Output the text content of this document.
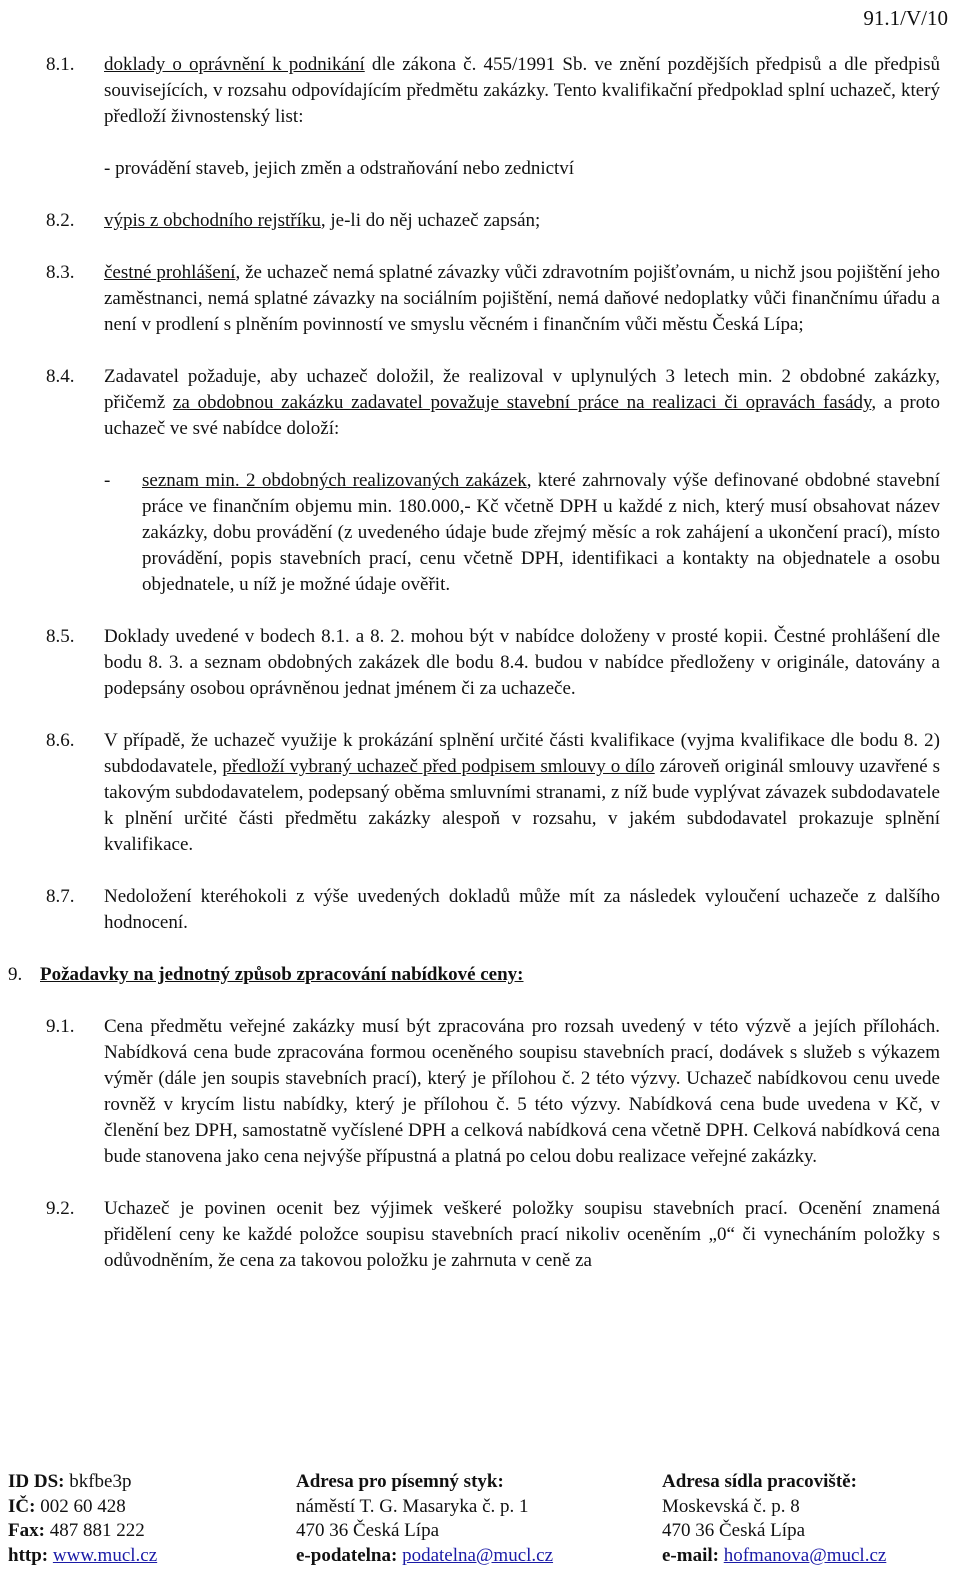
91.1/V/10
8.1. doklady o oprávnění k podnikání dle zákona č. 455/1991 Sb. ve znění pozdějších předpisů a dle předpisů souvisejících, v rozsahu odpovídajícím předmětu zakázky. Tento kvalifikační předpoklad splní uchazeč, který předloží živnostenský list:
- provádění staveb, jejich změn a odstraňování nebo zednictví
8.2. výpis z obchodního rejstříku, je-li do něj uchazeč zapsán;
8.3. čestné prohlášení, že uchazeč nemá splatné závazky vůči zdravotním pojišťovnám, u nichž jsou pojištění jeho zaměstnanci, nemá splatné závazky na sociálním pojištění, nemá daňové nedoplatky vůči finančnímu úřadu a není v prodlení s plněním povinností ve smyslu věcném i finančním vůči městu Česká Lípa;
8.4. Zadavatel požaduje, aby uchazeč doložil, že realizoval v uplynulých 3 letech min. 2 obdobné zakázky, přičemž za obdobnou zakázku zadavatel považuje stavební práce na realizaci či opravách fasády, a proto uchazeč ve své nabídce doloží:
- seznam min. 2 obdobných realizovaných zakázek, které zahrnovaly výše definované obdobné stavební práce ve finančním objemu min. 180.000,- Kč včetně DPH u každé z nich, který musí obsahovat název zakázky, dobu provádění (z uvedeného údaje bude zřejmý měsíc a rok zahájení a ukončení prací), místo provádění, popis stavebních prací, cenu včetně DPH, identifikaci a kontakty na objednatele a osobu objednatele, u níž je možné údaje ověřit.
8.5. Doklady uvedené v bodech 8.1. a 8. 2. mohou být v nabídce doloženy v prosté kopii. Čestné prohlášení dle bodu 8. 3. a seznam obdobných zakázek dle bodu 8.4. budou v nabídce předloženy v originále, datovány a podepsány osobou oprávněnou jednat jménem či za uchazeče.
8.6. V případě, že uchazeč využije k prokázání splnění určité části kvalifikace (vyjma kvalifikace dle bodu 8. 2) subdodavatele, předloží vybraný uchazeč před podpisem smlouvy o dílo zároveň originál smlouvy uzavřené s takovým subdodavatelem, podepsaný oběma smluvními stranami, z níž bude vyplývat závazek subdodavatele k plnění určité části předmětu zakázky alespoň v rozsahu, v jakém subdodavatel prokazuje splnění kvalifikace.
8.7. Nedoložení kteréhokoli z výše uvedených dokladů může mít za následek vyloučení uchazeče z dalšího hodnocení.
9. Požadavky na jednotný způsob zpracování nabídkové ceny:
9.1. Cena předmětu veřejné zakázky musí být zpracována pro rozsah uvedený v této výzvě a jejích přílohách. Nabídková cena bude zpracována formou oceněného soupisu stavebních prací, dodávek s služeb s výkazem výměr (dále jen soupis stavebních prací), který je přílohou č. 2 této výzvy. Uchazeč nabídkovou cenu uvede rovněž v krycím listu nabídky, který je přílohou č. 5 této výzvy. Nabídková cena bude uvedena v Kč, v členění bez DPH, samostatně vyčíslené DPH a celková nabídková cena včetně DPH. Celková nabídková cena bude stanovena jako cena nejvýše přípustná a platná po celou dobu realizace veřejné zakázky.
9.2. Uchazeč je povinen ocenit bez výjimek veškeré položky soupisu stavebních prací. Ocenění znamená přidělení ceny ke každé položce soupisu stavebních prací nikoliv oceněním „0“ či vynecháním položky s odůvodněním, že cena za takovou položku je zahrnuta v ceně za
ID DS: bkfbe3p
IČ: 002 60 428
Fax: 487 881 222
http: www.mucl.cz
Adresa pro písemný styk:
náměstí T. G. Masaryka č. p. 1
470 36 Česká Lípa
e-podatelna: podatelna@mucl.cz
Adresa sídla pracoviště:
Moskevská č. p. 8
470 36 Česká Lípa
e-mail: hofmanova@mucl.cz
